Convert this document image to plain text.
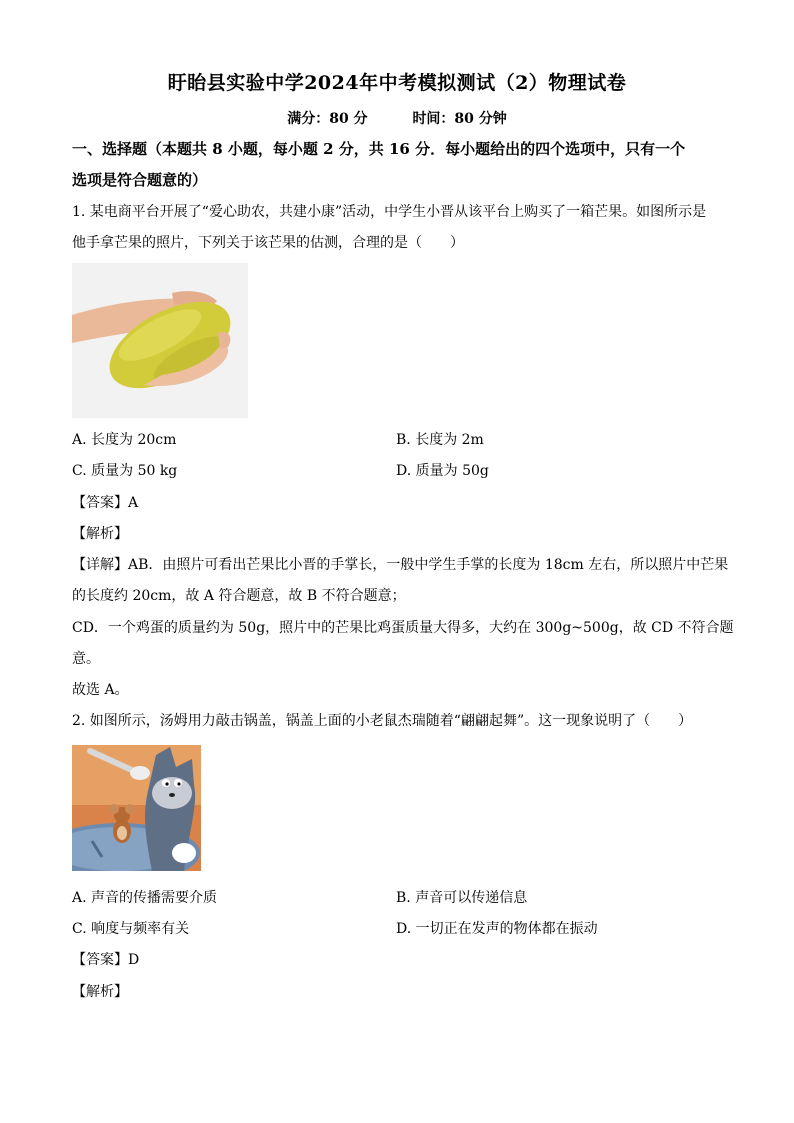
盱眙县实验中学2024年中考模拟测试（2）物理试卷
满分：80 分	时间：80 分钟
一、选择题（本题共 8 小题，每小题 2 分，共 16 分．每小题给出的四个选项中，只有一个
选项是符合题意的）
1. 某电商平台开展了“爱心助农，共建小康”活动，中学生小晋从该平台上购买了一箱芒果。如图所示是
他手拿芒果的照片，下列关于该芒果的估测，合理的是（　　）
A. 长度为 20cm	B. 长度为 2m
C. 质量为 50 kg	D. 质量为 50g
【答案】A
【解析】
【详解】AB．由照片可看出芒果比小晋的手掌长，一般中学生手掌的长度为 18cm 左右，所以照片中芒果
的长度约 20cm，故 A 符合题意，故 B 不符合题意；
CD．一个鸡蛋的质量约为 50g，照片中的芒果比鸡蛋质量大得多，大约在 300g~500g，故 CD 不符合题
意。
故选 A。
2. 如图所示，汤姆用力敲击锅盖，锅盖上面的小老鼠杰瑞随着“翩翩起舞”。这一现象说明了（　　）
A. 声音的传播需要介质	B. 声音可以传递信息
C. 响度与频率有关	D. 一切正在发声的物体都在振动
【答案】D
【解析】
